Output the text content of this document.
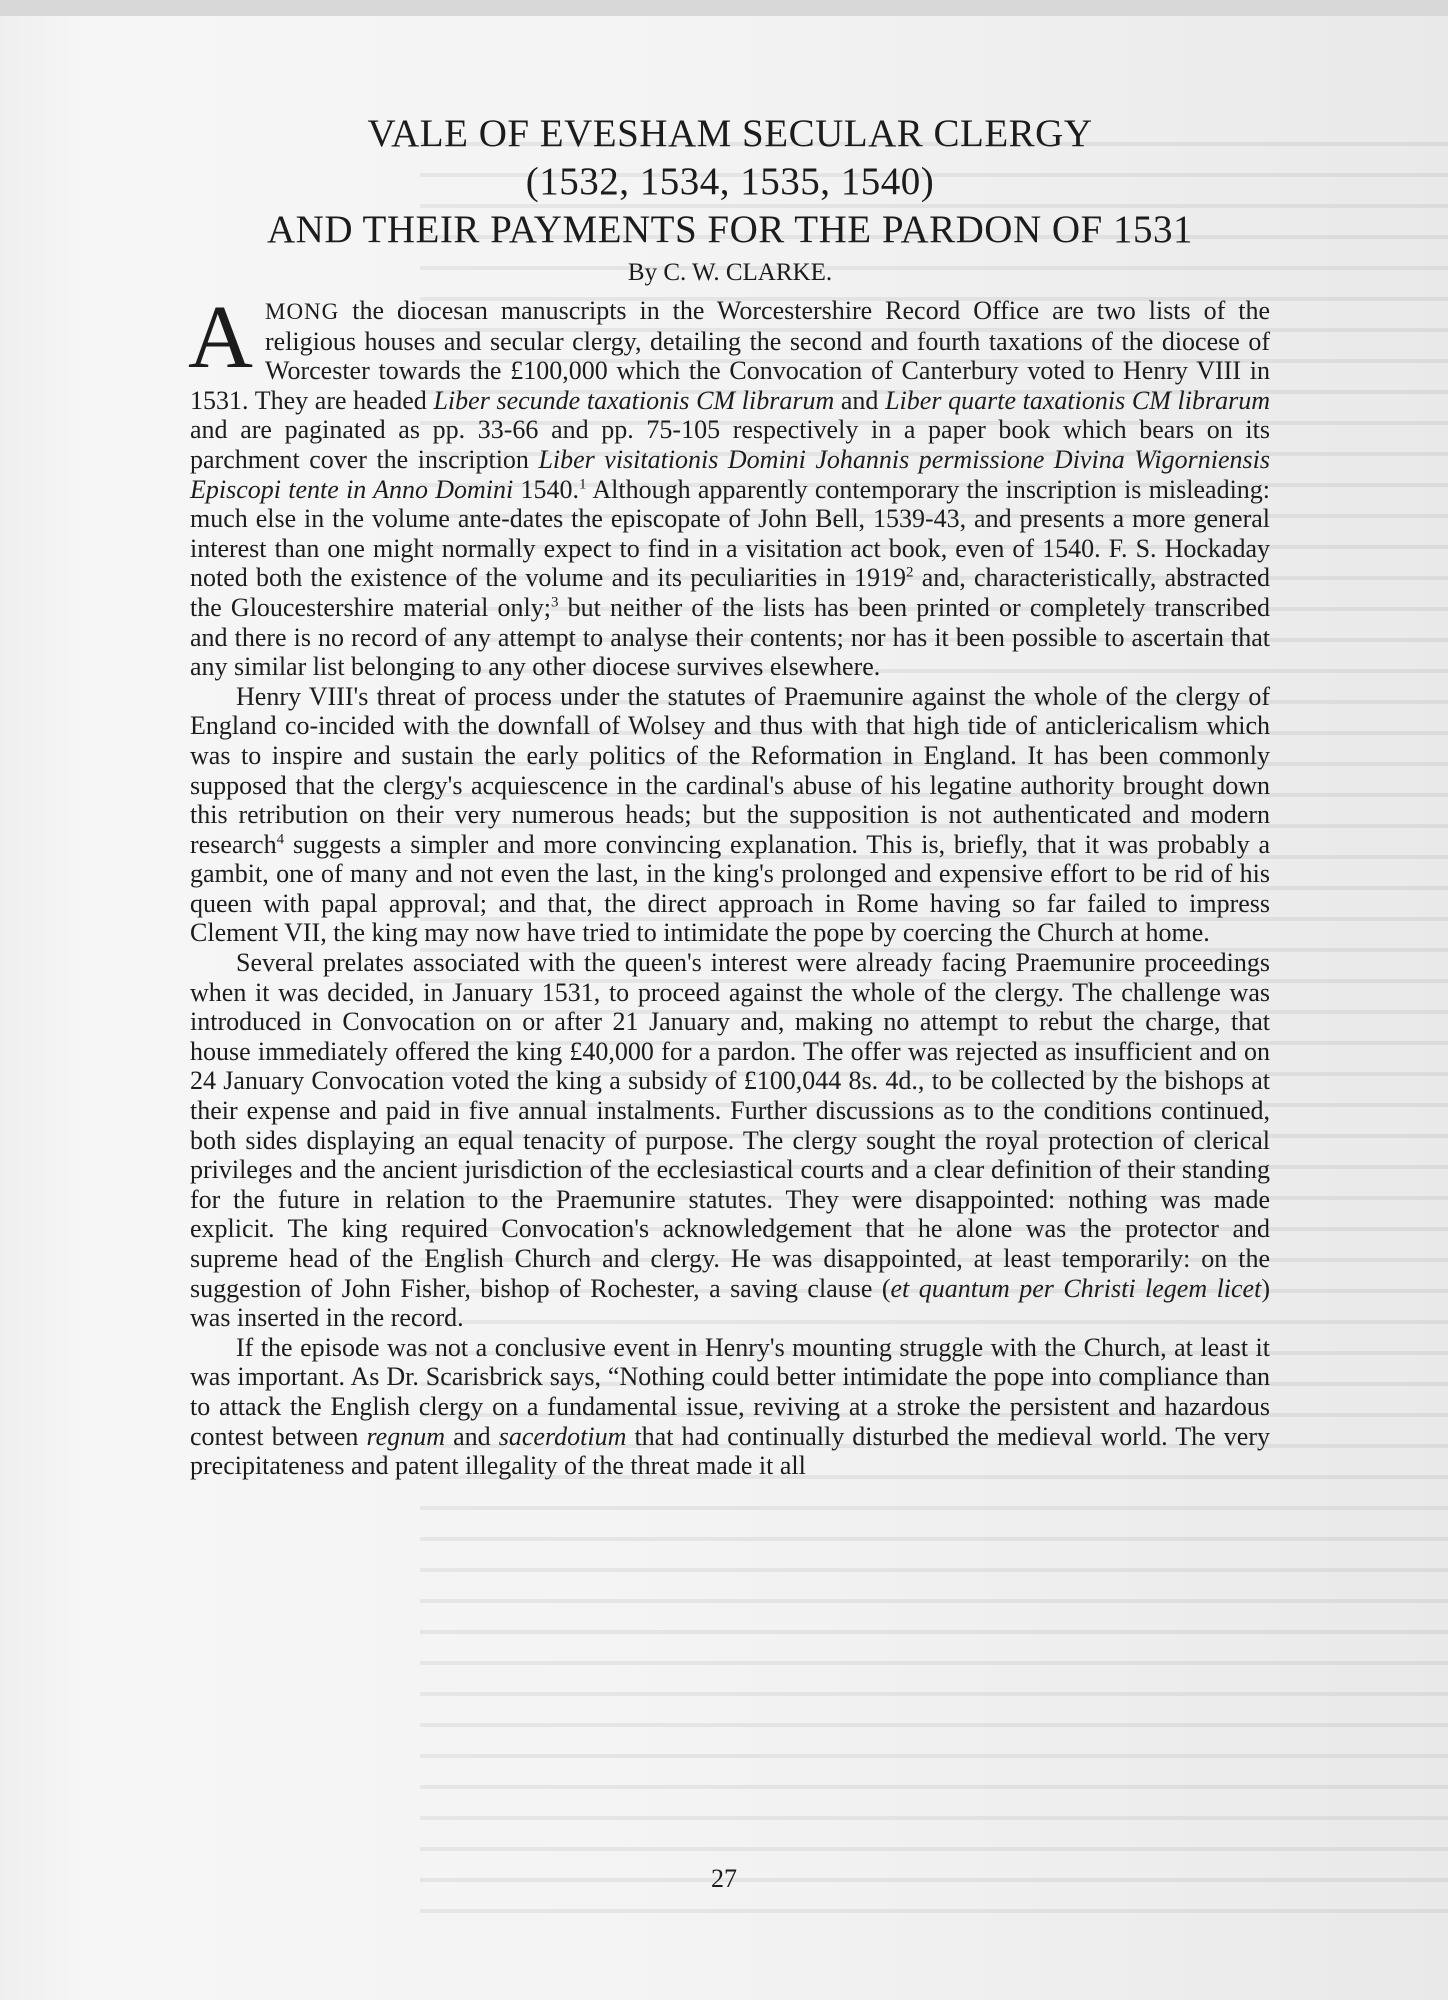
VALE OF EVESHAM SECULAR CLERGY
(1532, 1534, 1535, 1540)
AND THEIR PAYMENTS FOR THE PARDON OF 1531
By C. W. CLARKE.

AMONG the diocesan manuscripts in the Worcestershire Record Office are two lists of the religious houses and secular clergy, detailing the second and fourth taxations of the diocese of Worcester towards the £100,000 which the Convocation of Canterbury voted to Henry VIII in 1531. They are headed Liber secunde taxationis CM librarum and Liber quarte taxationis CM librarum and are paginated as pp. 33-66 and pp. 75-105 respectively in a paper book which bears on its parchment cover the inscription Liber visitationis Domini Johannis permissione Divina Wigorniensis Episcopi tente in Anno Domini 1540.$^1$ Although apparently contemporary the inscription is misleading: much else in the volume ante-dates the episcopate of John Bell, 1539-43, and presents a more general interest than one might normally expect to find in a visitation act book, even of 1540. F. S. Hockaday noted both the existence of the volume and its peculiarities in 1919$^2$ and, characteristically, abstracted the Gloucestershire material only;$^3$ but neither of the lists has been printed or completely transcribed and there is no record of any attempt to analyse their contents; nor has it been possible to ascertain that any similar list belonging to any other diocese survives elsewhere.

Henry VIII's threat of process under the statutes of Praemunire against the whole of the clergy of England co-incided with the downfall of Wolsey and thus with that high tide of anticlericalism which was to inspire and sustain the early politics of the Reformation in England. It has been commonly supposed that the clergy's acquiescence in the cardinal's abuse of his legatine authority brought down this retribution on their very numerous heads; but the supposition is not authenticated and modern research$^4$ suggests a simpler and more convincing explanation. This is, briefly, that it was probably a gambit, one of many and not even the last, in the king's prolonged and expensive effort to be rid of his queen with papal approval; and that, the direct approach in Rome having so far failed to impress Clement VII, the king may now have tried to intimidate the pope by coercing the Church at home.

Several prelates associated with the queen's interest were already facing Praemunire proceedings when it was decided, in January 1531, to proceed against the whole of the clergy. The challenge was introduced in Convocation on or after 21 January and, making no attempt to rebut the charge, that house immediately offered the king £40,000 for a pardon. The offer was rejected as insufficient and on 24 January Convocation voted the king a subsidy of £100,044 8s. 4d., to be collected by the bishops at their expense and paid in five annual instalments. Further discussions as to the conditions continued, both sides displaying an equal tenacity of purpose. The clergy sought the royal protection of clerical privileges and the ancient jurisdiction of the ecclesiastical courts and a clear definition of their standing for the future in relation to the Praemunire statutes. They were disappointed: nothing was made explicit. The king required Convocation's acknowledgement that he alone was the protector and supreme head of the English Church and clergy. He was disappointed, at least temporarily: on the suggestion of John Fisher, bishop of Rochester, a saving clause (et quantum per Christi legem licet) was inserted in the record.

If the episode was not a conclusive event in Henry's mounting struggle with the Church, at least it was important. As Dr. Scarisbrick says, “Nothing could better intimidate the pope into compliance than to attack the English clergy on a fundamental issue, reviving at a stroke the persistent and hazardous contest between regnum and sacerdotium that had continually disturbed the medieval world. The very precipitateness and patent illegality of the threat made it all

27
